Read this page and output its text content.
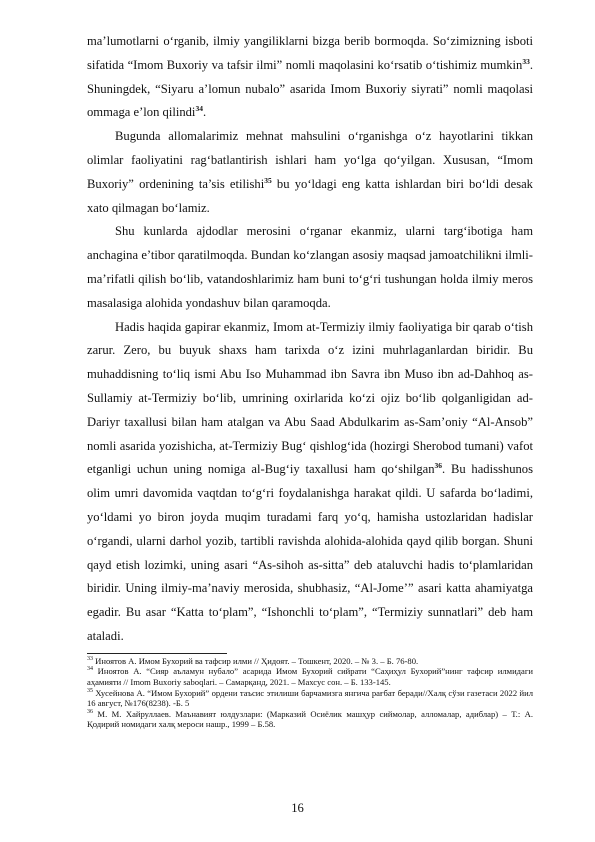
ma’lumotlarni o‘rganib, ilmiy yangiliklarni bizga berib bormoqda. So‘zimizning isboti sifatida “Imom Buxoriy va tafsir ilmi” nomli maqolasini ko‘rsatib o‘tishimiz mumkin$^{33}$. Shuningdek, “Siyaru a’lomun nubalo” asarida Imom Buxoriy siyrati” nomli maqolasi ommaga e’lon qilindi$^{34}$.

Bugunda allomalarimiz mehnat mahsulini o‘rganishga o‘z hayotlarini tikkan olimlar faoliyatini rag‘batlantirish ishlari ham yo‘lga qo‘yilgan. Xususan, “Imom Buxoriy” ordenining ta’sis etilishi$^{35}$ bu yo‘ldagi eng katta ishlardan biri bo‘ldi desak xato qilmagan bo‘lamiz.

Shu kunlarda ajdodlar merosini o‘rganar ekanmiz, ularni targ‘ibotiga ham anchagina e’tibor qaratilmoqda. Bundan ko‘zlangan asosiy maqsad jamoatchilikni ilmli-ma’rifatli qilish bo‘lib, vatandoshlarimiz ham buni to‘g‘ri tushungan holda ilmiy meros masalasiga alohida yondashuv bilan qaramoqda.

Hadis haqida gapirar ekanmiz, Imom at-Termiziy ilmiy faoliyatiga bir qarab o‘tish zarur. Zero, bu buyuk shaxs ham tarixda o‘z izini muhrlaganlardan biridir. Bu muhaddisning to‘liq ismi Abu Iso Muhammad ibn Savra ibn Muso ibn ad-Dahhoq as-Sullamiy at-Termiziy bo‘lib, umrining oxirlarida ko‘zi ojiz bo‘lib qolganligidan ad-Dariyr taxallusi bilan ham atalgan va Abu Saad Abdulkarim as-Sam’oniy “Al-Ansob” nomli asarida yozishicha, at-Termiziy Bug‘ qishlog‘ida (hozirgi Sherobod tumani) vafot etganligi uchun uning nomiga al-Bug‘iy taxallusi ham qo‘shilgan$^{36}$. Bu hadisshunos olim umri davomida vaqtdan to‘g‘ri foydalanishga harakat qildi. U safarda bo‘ladimi, yo‘ldami yo biron joyda muqim turadami farq yo‘q, hamisha ustozlaridan hadislar o‘rgandi, ularni darhol yozib, tartibli ravishda alohida-alohida qayd qilib borgan. Shuni qayd etish lozimki, uning asari “As-sihoh as-sitta” deb ataluvchi hadis to‘plamlaridan biridir. Uning ilmiy-ma’naviy merosida, shubhasiz, “Al-Jome’” asari katta ahamiyatga egadir. Bu asar “Katta to‘plam”, “Ishonchli to‘plam”, “Termiziy sunnatlari” deb ham ataladi.

$^{33}$ Иноятов А. Имом Бухорий ва тафсир илми // Ҳидоят. – Тошкент, 2020. – № 3. – Б. 76-80.

$^{34}$ Иноятов А. “Сияр аъламун нубало” асарида Имом Бухорий сийрати “Саҳиҳул Бухорий”нинг тафсир илмидаги аҳамияти // Imom Buxoriy saboqlari. – Самарқанд, 2021. – Махсус сон. – Б. 133-145.

$^{35}$ Хусейнова А. “Имом Бухорий” ордени таъсис этилиши барчамизга янгича рағбат беради//Халқ сўзи газетаси 2022 йил 16 август, №176(8238). -Б. 5

$^{36}$ М. М. Хайруллаев. Маънавият юлдузлари: (Марказий Осиёлик машҳур сиймолар, алломалар, адиблар) – Т.: А. Қодирий номидаги халқ мероси нашр., 1999 – Б.58.

16
